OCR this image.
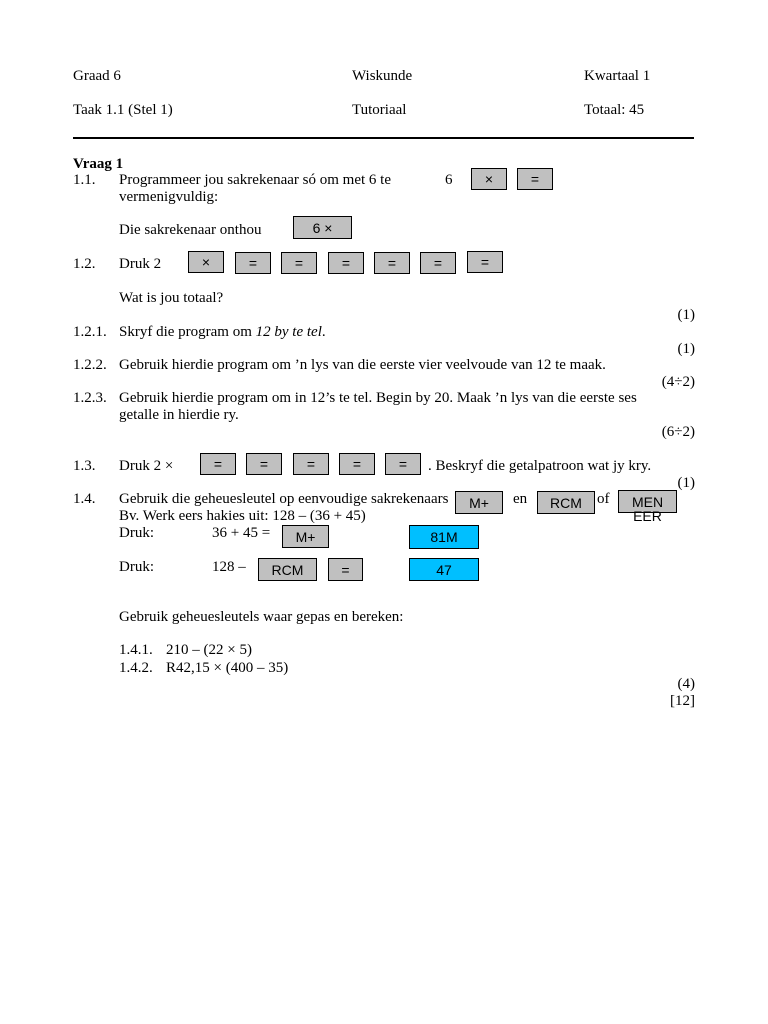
Graad 6	Wiskunde	Kwartaal 1
Taak 1.1 (Stel 1)	Tutoriaal	Totaal: 45
Vraag 1
1.1. Programmeer jou sakrekenaar só om met 6 te
vermenigvuldig:
6	×	=
Die sakrekenaar onthou	6 ×
1.2. Druk 2	×	=	=	=	=	=	=
Wat is jou totaal?
(1)
1.2.1. Skryf die program om 12 by te tel.
(1)
1.2.2. Gebruik hierdie program om ’n lys van die eerste vier veelvoude van 12 te maak.
(4÷2)
1.2.3. Gebruik hierdie program om in 12’s te tel. Begin by 20. Maak ’n lys van die eerste ses
getalle in hierdie ry.
(6÷2)
1.3. Druk 2 ×	=	=	=	=	=	. Beskryf die getalpatroon wat jy kry.
(1)
1.4. Gebruik die geheuesleutel op eenvoudige sakrekenaars	M+	en	RCM	of	MEN
EER
Bv. Werk eers hakies uit: 128 – (36 + 45)
Druk:	36 + 45 =	M+	81M
Druk:	128 –	RCM	=	47
Gebruik geheuesleutels waar gepas en bereken:
1.4.1. 210 – (22 × 5)
1.4.2. R42,15 × (400 – 35)
(4)
[12]
